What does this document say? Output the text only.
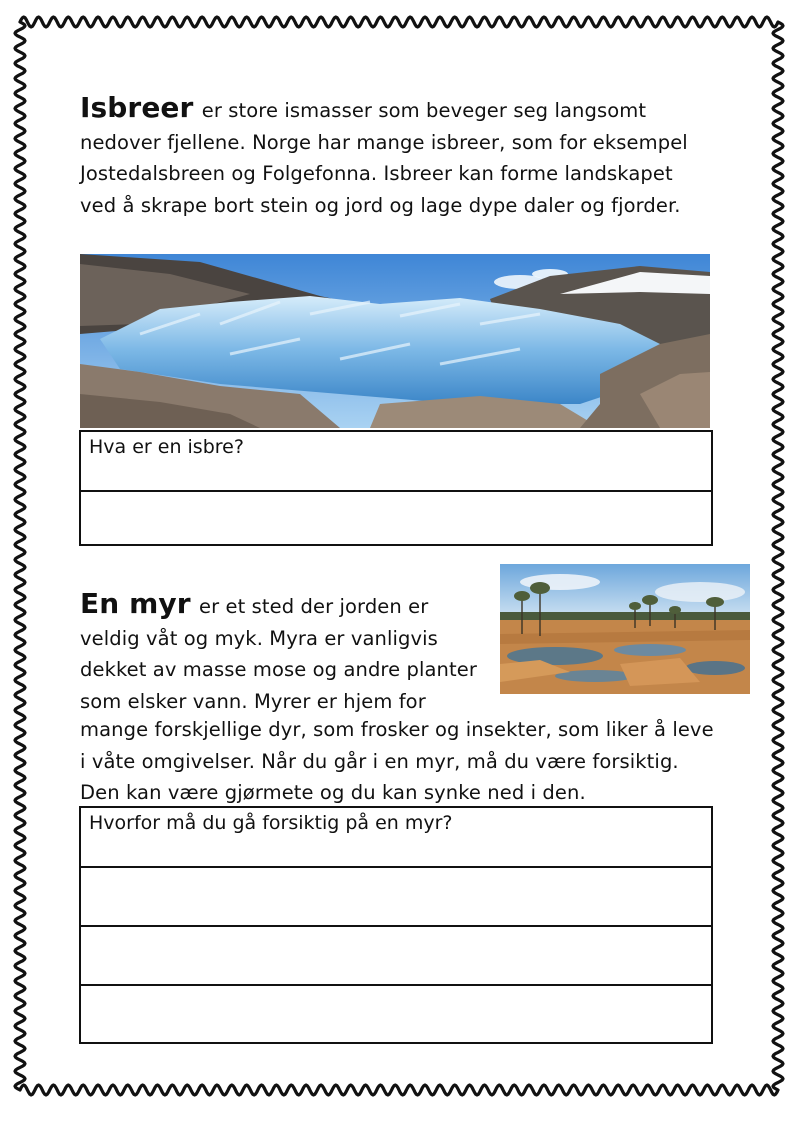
Isbreer er store ismasser som beveger seg langsomt nedover fjellene. Norge har mange isbreer, som for eksempel Jostedalsbreen og Folgefonna. Isbreer kan forme landskapet ved å skrape bort stein og jord og lage dype daler og fjorder.

Hva er en isbre?

En myr er et sted der jorden er veldig våt og myk. Myra er vanligvis dekket av masse mose og andre planter som elsker vann. Myrer er hjem for

mange forskjellige dyr, som frosker og insekter, som liker å leve i våte omgivelser. Når du går i en myr, må du være forsiktig. Den kan være gjørmete og du kan synke ned i den.

Hvorfor må du gå forsiktig på en myr?
